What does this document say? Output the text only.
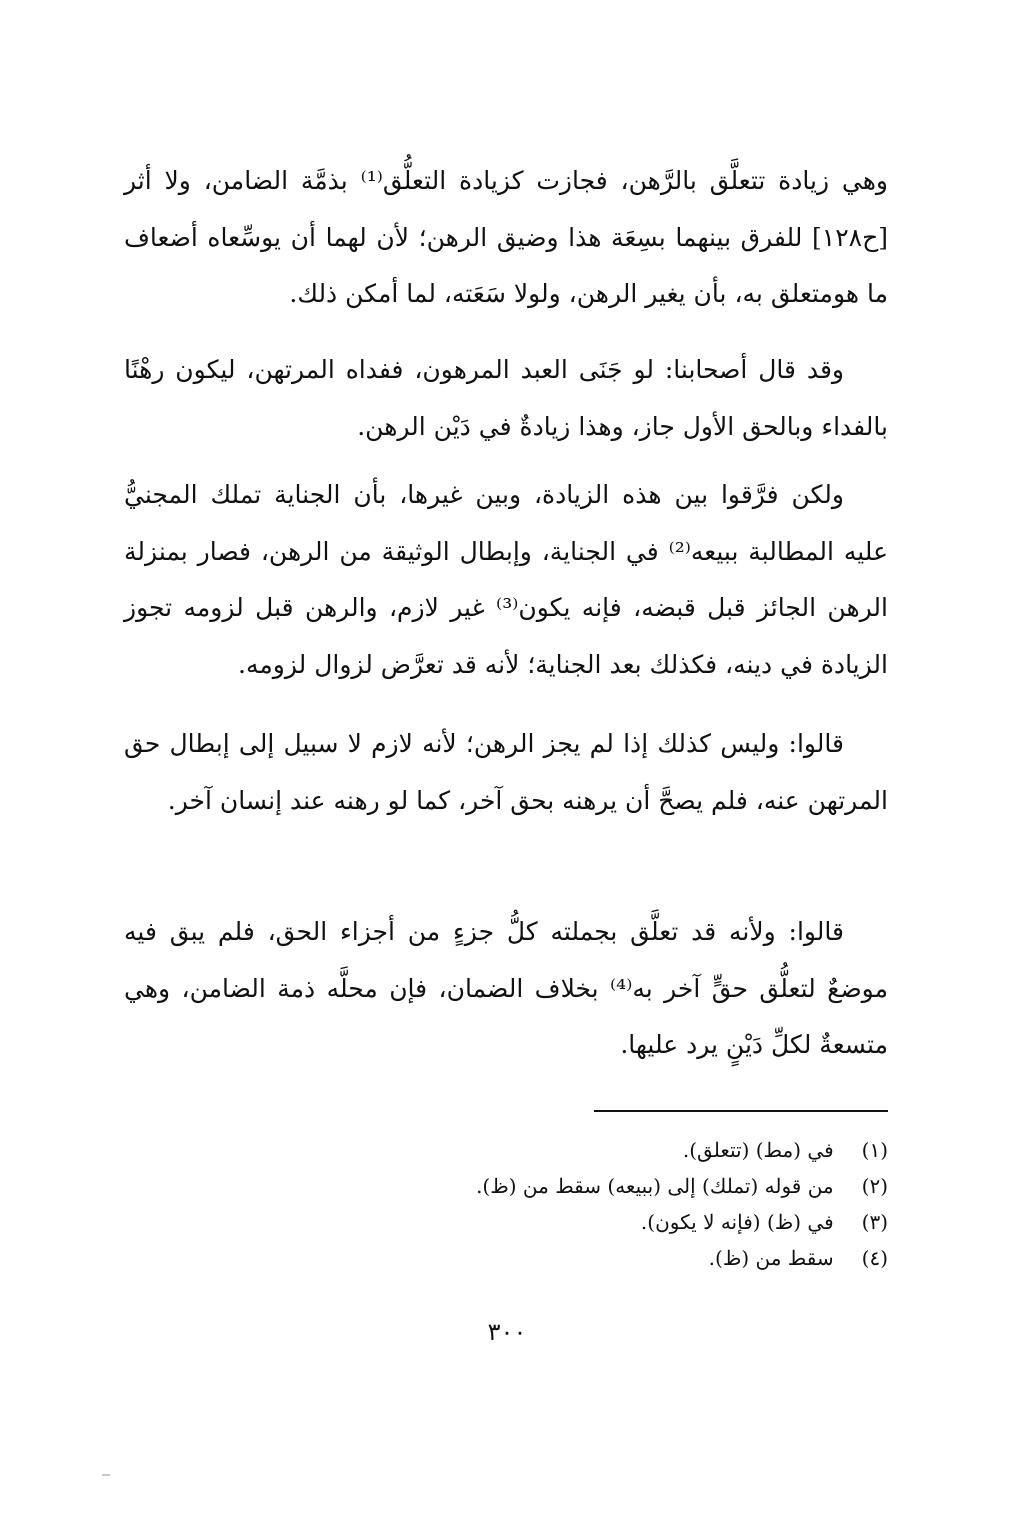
وهي زيادة تتعلَّق بالرَّهن، فجازت كزيادة التعلُّق⁽¹⁾ بذمَّة الضامن، ولا أثر [ح١٢٨] للفرق بينهما بسِعَة هذا وضيق الرهن؛ لأن لهما أن يوسِّعاه أضعاف ما هومتعلق به، بأن يغير الرهن، ولولا سَعَته، لما أمكن ذلك.

وقد قال أصحابنا: لو جَنَى العبد المرهون، ففداه المرتهن، ليكون رهْنًا بالفداء وبالحق الأول جاز، وهذا زيادةٌ في دَيْن الرهن.

ولكن فرَّقوا بين هذه الزيادة، وبين غيرها، بأن الجناية تملك المجنيُّ عليه المطالبة ببيعه⁽²⁾ في الجناية، وإبطال الوثيقة من الرهن، فصار بمنزلة الرهن الجائز قبل قبضه، فإنه يكون⁽³⁾ غير لازم، والرهن قبل لزومه تجوز الزيادة في دينه، فكذلك بعد الجناية؛ لأنه قد تعرَّض لزوال لزومه.

قالوا: وليس كذلك إذا لم يجز الرهن؛ لأنه لازم لا سبيل إلى إبطال حق المرتهن عنه، فلم يصحَّ أن يرهنه بحق آخر، كما لو رهنه عند إنسان آخر.

قالوا: ولأنه قد تعلَّق بجملته كلُّ جزءٍ من أجزاء الحق، فلم يبق فيه موضعٌ لتعلُّق حقٍّ آخر به⁽⁴⁾ بخلاف الضمان، فإن محلَّه ذمة الضامن، وهي متسعةٌ لكلِّ دَيْنٍ يرد عليها.

(١) في (مط) (تتعلق).
(٢) من قوله (تملك) إلى (ببيعه) سقط من (ظ).
(٣) في (ظ) (فإنه لا يكون).
(٤) سقط من (ظ).
٣٠٠
